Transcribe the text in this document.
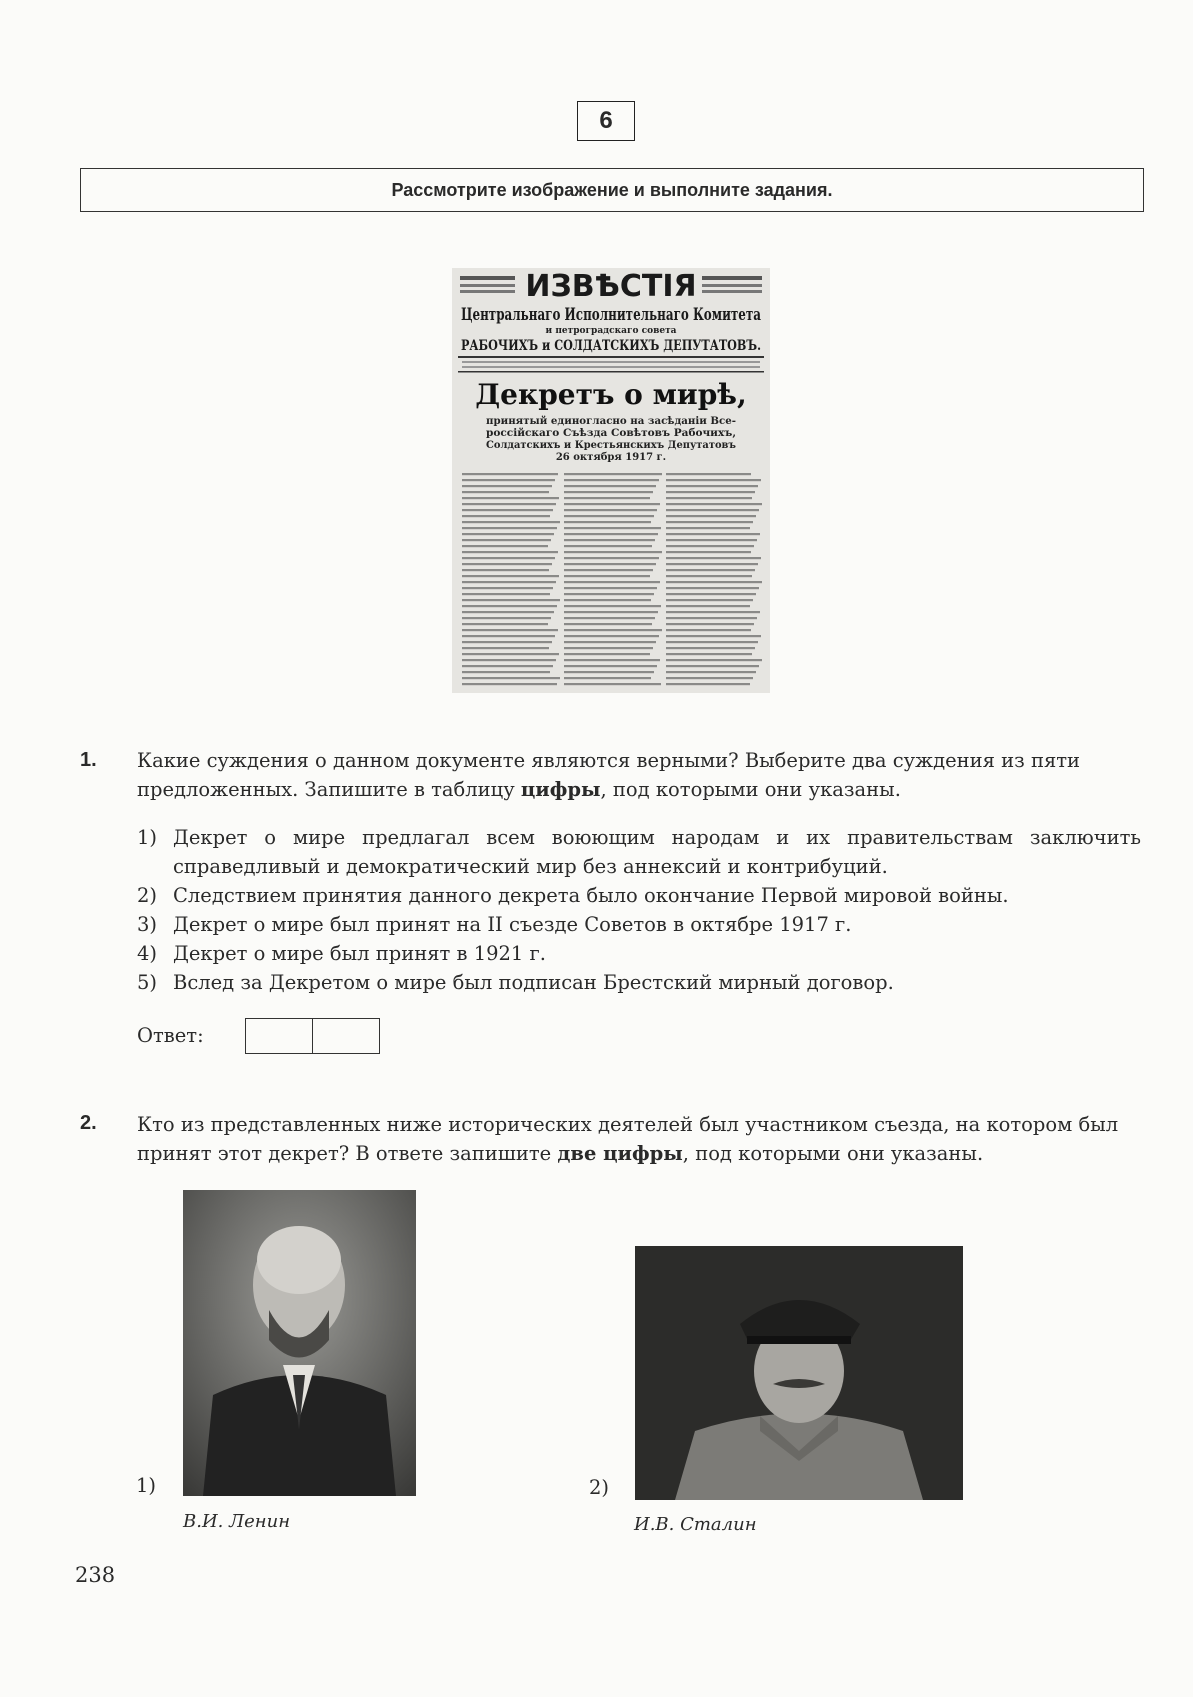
6
Рассмотрите изображение и выполните задания.
ИЗВѢСТIЯ
Центральнаго Исполнительнаго Комитета
и петроградскаго совета
РАБОЧИХЪ и СОЛДАТСКИХЪ ДЕПУТАТОВЪ.
Декретъ о мирѣ,
принятый единогласно на засѣданiи Все-
россiйскаго Съѣзда Совѣтовъ Рабочихъ,
Солдатскихъ и Крестьянскихъ Депутатовъ
26 октября 1917 г.
1. Какие суждения о данном документе являются верными? Выберите два суждения из пяти предложенных. Запишите в таблицу цифры, под которыми они указаны.
1) Декрет о мире предлагал всем воюющим народам и их правительствам заключить справедливый и демократический мир без аннексий и контрибуций.
2) Следствием принятия данного декрета было окончание Первой мировой войны.
3) Декрет о мире был принят на II съезде Советов в октябре 1917 г.
4) Декрет о мире был принят в 1921 г.
5) Вслед за Декретом о мире был подписан Брестский мирный договор.
Ответ:
2. Кто из представленных ниже исторических деятелей был участником съезда, на котором был принят этот декрет? В ответе запишите две цифры, под которыми они указаны.
1)
В.И. Ленин
2)
И.В. Сталин
238
